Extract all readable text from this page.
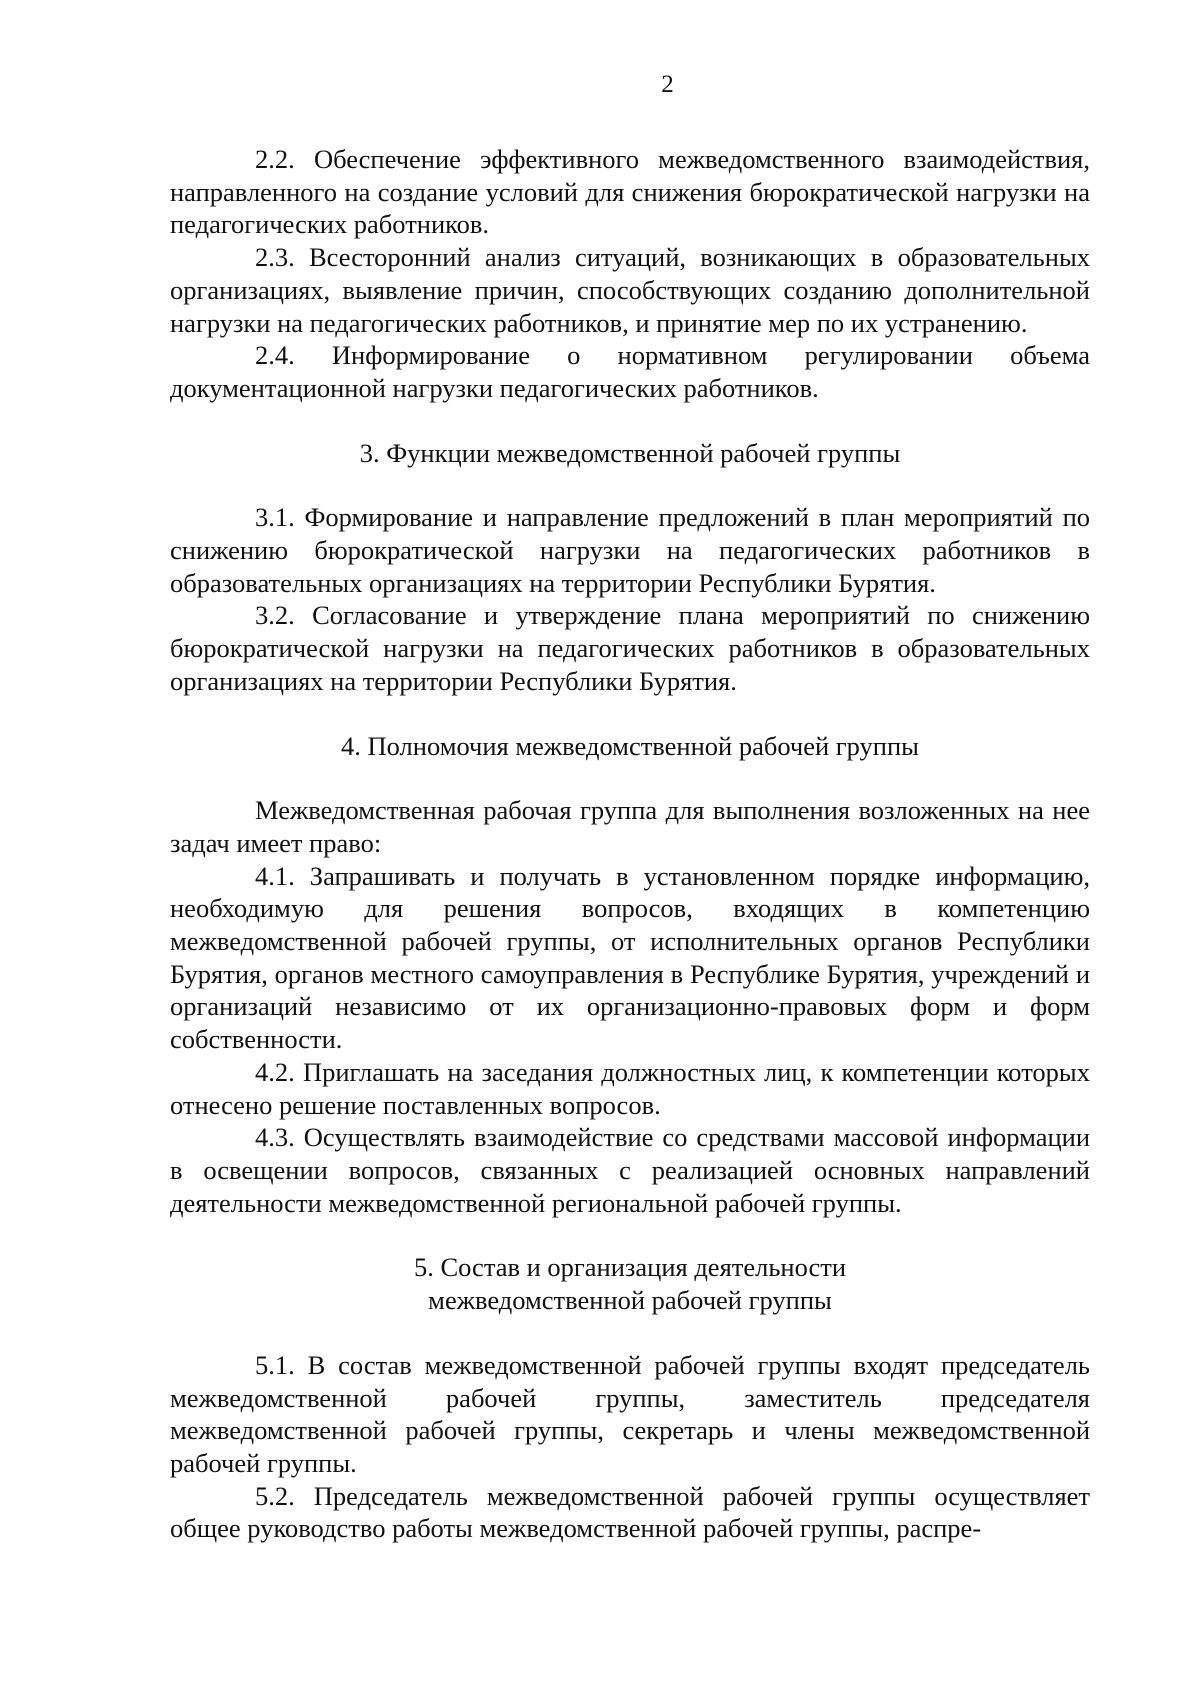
2

2.2. Обеспечение эффективного межведомственного взаимодействия, направленного на создание условий для снижения бюрократической нагрузки на педагогических работников.

2.3. Всесторонний анализ ситуаций, возникающих в образовательных организациях, выявление причин, способствующих созданию дополнительной нагрузки на педагогических работников, и принятие мер по их устранению.

2.4. Информирование о нормативном регулировании объема документационной нагрузки педагогических работников.

3. Функции межведомственной рабочей группы

3.1. Формирование и направление предложений в план мероприятий по снижению бюрократической нагрузки на педагогических работников в образовательных организациях на территории Республики Бурятия.

3.2. Согласование и утверждение плана мероприятий по снижению бюрократической нагрузки на педагогических работников в образовательных организациях на территории Республики Бурятия.

4. Полномочия межведомственной рабочей группы

Межведомственная рабочая группа для выполнения возложенных на нее задач имеет право:

4.1. Запрашивать и получать в установленном порядке информацию, необходимую для решения вопросов, входящих в компетенцию межведомственной рабочей группы, от исполнительных органов Республики Бурятия, органов местного самоуправления в Республике Бурятия, учреждений и организаций независимо от их организационно-правовых форм и форм собственности.

4.2. Приглашать на заседания должностных лиц, к компетенции которых отнесено решение поставленных вопросов.

4.3. Осуществлять взаимодействие со средствами массовой информации в освещении вопросов, связанных с реализацией основных направлений деятельности межведомственной региональной рабочей группы.

5. Состав и организация деятельности

межведомственной рабочей группы

5.1. В состав межведомственной рабочей группы входят председатель межведомственной рабочей группы, заместитель председателя межведомственной рабочей группы, секретарь и члены межведомственной рабочей группы.

5.2. Председатель межведомственной рабочей группы осуществляет общее руководство работы межведомственной рабочей группы, распре-
